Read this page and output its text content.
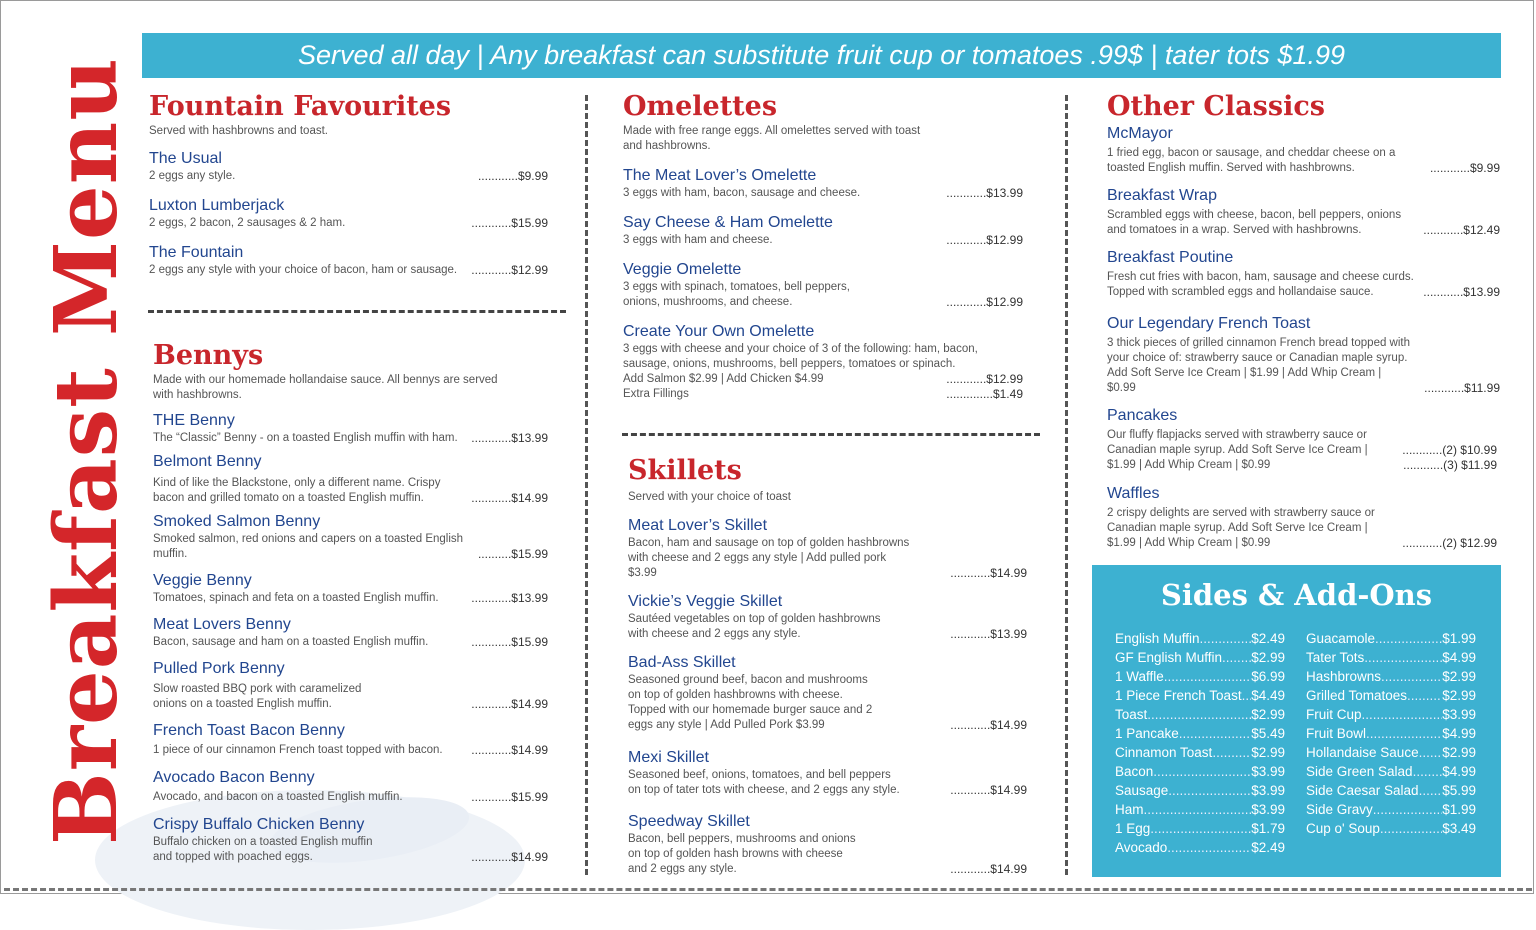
Breakfast Menu
Served all day | Any breakfast can substitute fruit cup or tomatoes .99$ | tater tots $1.99
Fountain Favourites
Served with hashbrowns and toast.
The Usual
2 eggs any style.	............$9.99
Luxton Lumberjack
2 eggs, 2 bacon, 2 sausages & 2 ham.	............$15.99
The Fountain
2 eggs any style with your choice of bacon, ham or sausage.	............$12.99
Bennys
Made with our homemade hollandaise sauce. All bennys are served with hashbrowns.
THE Benny
The “Classic” Benny - on a toasted English muffin with ham.	............$13.99
Belmont Benny
Kind of like the Blackstone, only a different name. Crispy bacon and grilled tomato on a toasted English muffin.	............$14.99
Smoked Salmon Benny
Smoked salmon, red onions and capers on a toasted English muffin.	..........$15.99
Veggie Benny
Tomatoes, spinach and feta on a toasted English muffin.	............$13.99
Meat Lovers Benny
Bacon, sausage and ham on a toasted English muffin.	............$15.99
Pulled Pork Benny
Slow roasted BBQ pork with caramelized onions on a toasted English muffin.	............$14.99
French Toast Bacon Benny
1 piece of our cinnamon French toast topped with bacon.	............$14.99
Avocado Bacon Benny
Avocado, and bacon on a toasted English muffin.	............$15.99
Crispy Buffalo Chicken Benny
Buffalo chicken on a toasted English muffin and topped with poached eggs.	............$14.99
Omelettes
Made with free range eggs. All omelettes served with toast and hashbrowns.
The Meat Lover’s Omelette
3 eggs with ham, bacon, sausage and cheese.	............$13.99
Say Cheese & Ham Omelette
3 eggs with ham and cheese.	............$12.99
Veggie Omelette
3 eggs with spinach, tomatoes, bell peppers, onions, mushrooms, and cheese.	............$12.99
Create Your Own Omelette
3 eggs with cheese and your choice of 3 of the following: ham, bacon, sausage, onions, mushrooms, bell peppers, tomatoes or spinach.
Add Salmon $2.99 | Add Chicken $4.99
Extra Fillings
............$12.99
..............$1.49
Skillets
Served with your choice of toast
Meat Lover’s Skillet
Bacon, ham and sausage on top of golden hashbrowns with cheese and 2 eggs any style | Add pulled pork $3.99	............$14.99
Vickie’s Veggie Skillet
Sautéed vegetables on top of golden hashbrowns with cheese and 2 eggs any style.	............$13.99
Bad-Ass Skillet
Seasoned ground beef, bacon and mushrooms on top of golden hashbrowns with cheese. Topped with our homemade burger sauce and 2 eggs any style | Add Pulled Pork $3.99	............$14.99
Mexi Skillet
Seasoned beef, onions, tomatoes, and bell peppers on top of tater tots with cheese, and 2 eggs any style.	............$14.99
Speedway Skillet
Bacon, bell peppers, mushrooms and onions on top of golden hash browns with cheese and 2 eggs any style.	............$14.99
Other Classics
McMayor
1 fried egg, bacon or sausage, and cheddar cheese on a toasted English muffin. Served with hashbrowns.	............$9.99
Breakfast Wrap
Scrambled eggs with cheese, bacon, bell peppers, onions and tomatoes in a wrap. Served with hashbrowns.	............$12.49
Breakfast Poutine
Fresh cut fries with bacon, ham, sausage and cheese curds. Topped with scrambled eggs and hollandaise sauce.	............$13.99
Our Legendary French Toast
3 thick pieces of grilled cinnamon French bread topped with your choice of: strawberry sauce or Canadian maple syrup. Add Soft Serve Ice Cream | $1.99 | Add Whip Cream | $0.99	............$11.99
Pancakes
Our fluffy flapjacks served with strawberry sauce or Canadian maple syrup. Add Soft Serve Ice Cream | $1.99 | Add Whip Cream | $0.99
............(2) $10.99
............(3) $11.99
Waffles
2 crispy delights are served with strawberry sauce or Canadian maple syrup. Add Soft Serve Ice Cream | $1.99 | Add Whip Cream | $0.99	............(2) $12.99
Sides & Add-Ons
English Muffin .....	$2.49
GF English Muffin ..... $2.99
1 Waffle .....	$6.99
1 Piece French Toast ..... $4.49
Toast .....	$2.99
1 Pancake .....	$5.49
Cinnamon Toast .....	$2.99
Bacon .....	$3.99
Sausage .....	$3.99
Ham .....	$3.99
1 Egg .....	$1.79
Avocado .....	$2.49
Guacamole .....	$1.99
Tater Tots .....	$4.99
Hashbrowns .....	$2.99
Grilled Tomatoes .....	$2.99
Fruit Cup .....	$3.99
Fruit Bowl .....	$4.99
Hollandaise Sauce ..... $2.99
Side Green Salad ..... $4.99
Side Caesar Salad ..... $5.99
Side Gravy .....	$1.99
Cup o' Soup .....	$3.49
